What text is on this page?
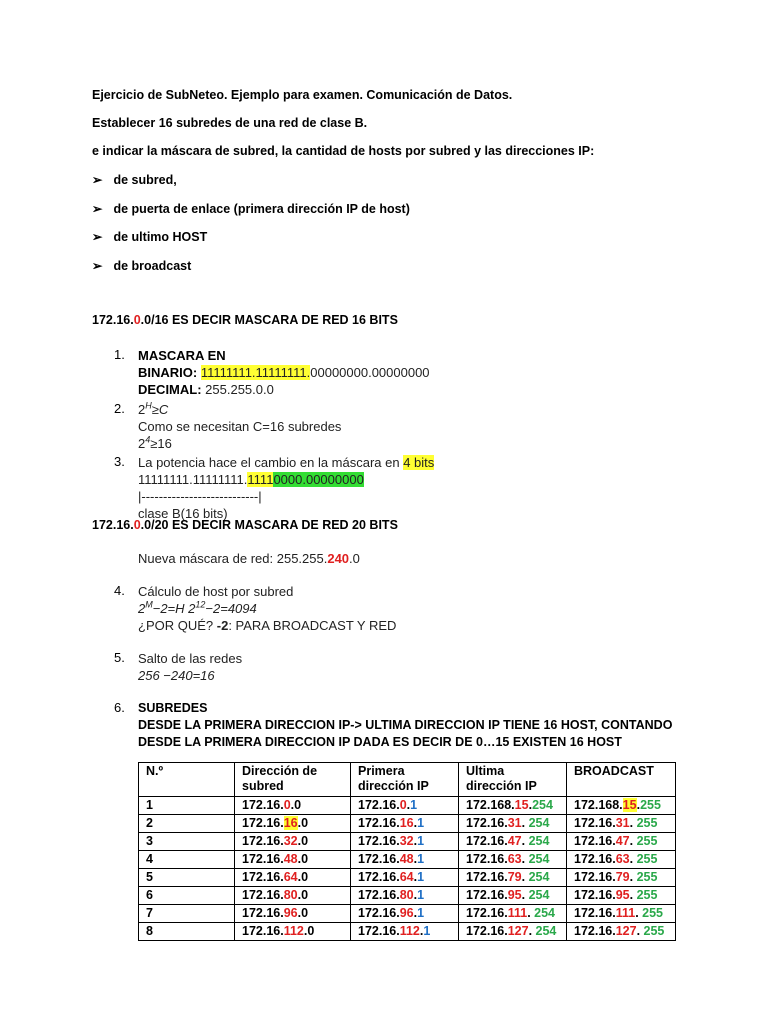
Ejercicio de SubNeteo. Ejemplo para examen. Comunicación de Datos.
Establecer 16 subredes de una red de clase B.
e indicar la máscara de subred, la cantidad de hosts por subred y las direcciones IP:
➢ de subred,
➢ de puerta de enlace (primera dirección IP de host)
➢ de ultimo HOST
➢ de broadcast
172.16.0.0/16 ES DECIR MASCARA DE RED 16 BITS
1. MASCARA EN
BINARIO: 11111111.11111111.00000000.00000000
DECIMAL: 255.255.0.0
2. $2^H\ge C$
Como se necesitan C=16 subredes
$2^4\ge 16$
3. La potencia hace el cambio en la máscara en 4 bits
11111111.11111111.11110000.00000000
|---------------------------|
clase B(16 bits)
172.16.0.0/20 ES DECIR MASCARA DE RED 20 BITS
Nueva máscara de red: 255.255.240.0
4. Cálculo de host por subred
$2^M-2=H$ $2^{12}-2=4094$
¿POR QUÉ? -2: PARA BROADCAST Y RED
5. Salto de las redes
256 −240=16
6. SUBREDES
DESDE LA PRIMERA DIRECCION IP-> ULTIMA DIRECCION IP TIENE 16 HOST, CONTANDO
DESDE LA PRIMERA DIRECCION IP DADA ES DECIR DE 0…15 EXISTEN 16 HOST
N.º	Dirección de subred	Primera dirección IP	Ultima dirección IP	BROADCAST
1	172.16.0.0	172.16.0.1	172.168.15.254	172.168.15.255
2	172.16.16.0	172.16.16.1	172.16.31. 254	172.16.31. 255
3	172.16.32.0	172.16.32.1	172.16.47. 254	172.16.47. 255
4	172.16.48.0	172.16.48.1	172.16.63. 254	172.16.63. 255
5	172.16.64.0	172.16.64.1	172.16.79. 254	172.16.79. 255
6	172.16.80.0	172.16.80.1	172.16.95. 254	172.16.95. 255
7	172.16.96.0	172.16.96.1	172.16.111. 254	172.16.111. 255
8	172.16.112.0	172.16.112.1	172.16.127. 254	172.16.127. 255
